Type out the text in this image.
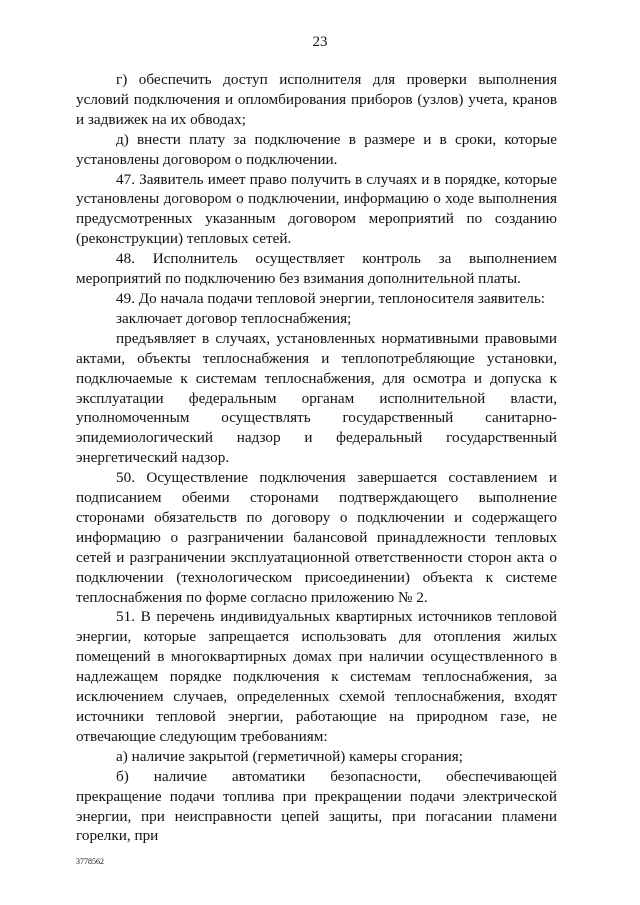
23

г) обеспечить доступ исполнителя для проверки выполнения условий подключения и опломбирования приборов (узлов) учета, кранов и задвижек на их обводах;

д) внести плату за подключение в размере и в сроки, которые установлены договором о подключении.

47. Заявитель имеет право получить в случаях и в порядке, которые установлены договором о подключении, информацию о ходе выполнения предусмотренных указанным договором мероприятий по созданию (реконструкции) тепловых сетей.

48. Исполнитель осуществляет контроль за выполнением мероприятий по подключению без взимания дополнительной платы.

49. До начала подачи тепловой энергии, теплоносителя заявитель:

заключает договор теплоснабжения;

предъявляет в случаях, установленных нормативными правовыми актами, объекты теплоснабжения и теплопотребляющие установки, подключаемые к системам теплоснабжения, для осмотра и допуска к эксплуатации федеральным органам исполнительной власти, уполномоченным осуществлять государственный санитарно-эпидемиологический надзор и федеральный государственный энергетический надзор.

50. Осуществление подключения завершается составлением и подписанием обеими сторонами подтверждающего выполнение сторонами обязательств по договору о подключении и содержащего информацию о разграничении балансовой принадлежности тепловых сетей и разграничении эксплуатационной ответственности сторон акта о подключении (технологическом присоединении) объекта к системе теплоснабжения по форме согласно приложению № 2.

51. В перечень индивидуальных квартирных источников тепловой энергии, которые запрещается использовать для отопления жилых помещений в многоквартирных домах при наличии осуществленного в надлежащем порядке подключения к системам теплоснабжения, за исключением случаев, определенных схемой теплоснабжения, входят источники тепловой энергии, работающие на природном газе, не отвечающие следующим требованиям:

а) наличие закрытой (герметичной) камеры сгорания;

б) наличие автоматики безопасности, обеспечивающей прекращение подачи топлива при прекращении подачи электрической энергии, при неисправности цепей защиты, при погасании пламени горелки, при

3778562
